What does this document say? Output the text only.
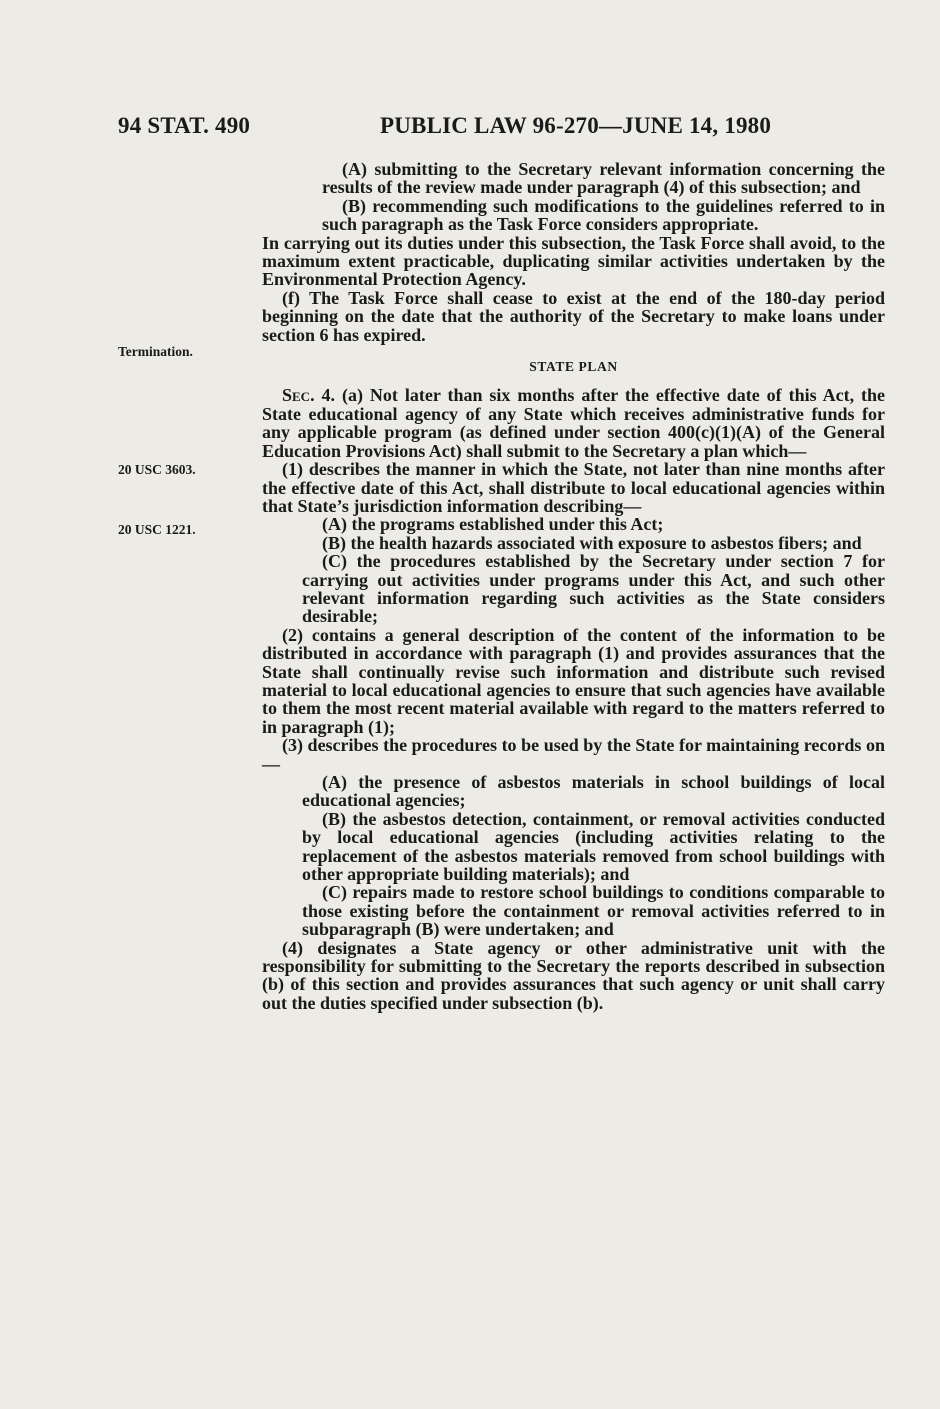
94 STAT. 490	PUBLIC LAW 96-270—JUNE 14, 1980
Termination.
20 USC 3603.
20 USC 1221.

(A) submitting to the Secretary relevant information concerning the results of the review made under paragraph (4) of this subsection; and

(B) recommending such modifications to the guidelines referred to in such paragraph as the Task Force considers appropriate.

In carrying out its duties under this subsection, the Task Force shall avoid, to the maximum extent practicable, duplicating similar activities undertaken by the Environmental Protection Agency.

(f) The Task Force shall cease to exist at the end of the 180-day period beginning on the date that the authority of the Secretary to make loans under section 6 has expired.

STATE PLAN

Sec. 4. (a) Not later than six months after the effective date of this Act, the State educational agency of any State which receives administrative funds for any applicable program (as defined under section 400(c)(1)(A) of the General Education Provisions Act) shall submit to the Secretary a plan which—

(1) describes the manner in which the State, not later than nine months after the effective date of this Act, shall distribute to local educational agencies within that State’s jurisdiction information describing—

(A) the programs established under this Act;

(B) the health hazards associated with exposure to asbestos fibers; and

(C) the procedures established by the Secretary under section 7 for carrying out activities under programs under this Act, and such other relevant information regarding such activities as the State considers desirable;

(2) contains a general description of the content of the information to be distributed in accordance with paragraph (1) and provides assurances that the State shall continually revise such information and distribute such revised material to local educational agencies to ensure that such agencies have available to them the most recent material available with regard to the matters referred to in paragraph (1);

(3) describes the procedures to be used by the State for maintaining records on—

(A) the presence of asbestos materials in school buildings of local educational agencies;

(B) the asbestos detection, containment, or removal activities conducted by local educational agencies (including activities relating to the replacement of the asbestos materials removed from school buildings with other appropriate building materials); and

(C) repairs made to restore school buildings to conditions comparable to those existing before the containment or removal activities referred to in subparagraph (B) were undertaken; and

(4) designates a State agency or other administrative unit with the responsibility for submitting to the Secretary the reports described in subsection (b) of this section and provides assurances that such agency or unit shall carry out the duties specified under subsection (b).
